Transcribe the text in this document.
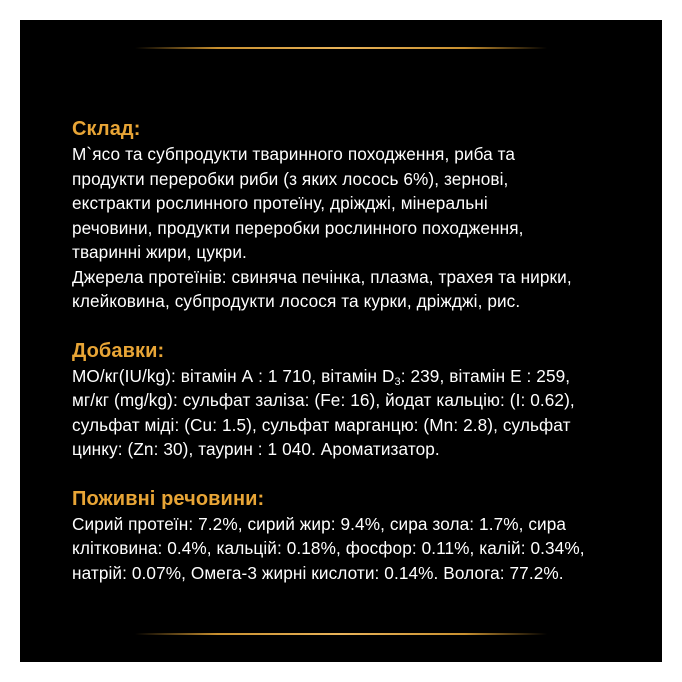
Склад:
М`ясо та субпродукти тваринного походження, риба та
продукти переробки риби (з яких лосось 6%), зернові,
екстракти рослинного протеїну, дріжджі, мінеральні
речовини, продукти переробки рослинного походження,
тваринні жири, цукри.
Джерела протеїнів: свиняча печінка, плазма, трахея та нирки,
клейковина, субпродукти лосося та курки, дріжджі, рис.
Добавки:
МО/кг(IU/kg): вітамін А : 1 710, вітамін $D_3$: 239, вітамін E : 259,
мг/кг (mg/kg): сульфат заліза: (Fe: 16), йодат кальцію: (I: 0.62),
сульфат міді: (Cu: 1.5), сульфат марганцю: (Mn: 2.8), сульфат
цинку: (Zn: 30), таурин : 1 040. Ароматизатор.
Поживні речовини:
Сирий протеїн: 7.2%, сирий жир: 9.4%, сира зола: 1.7%, сира
клітковина: 0.4%, кальцій: 0.18%, фосфор: 0.11%, калій: 0.34%,
натрій: 0.07%, Омега-3 жирні кислоти: 0.14%. Волога: 77.2%.
